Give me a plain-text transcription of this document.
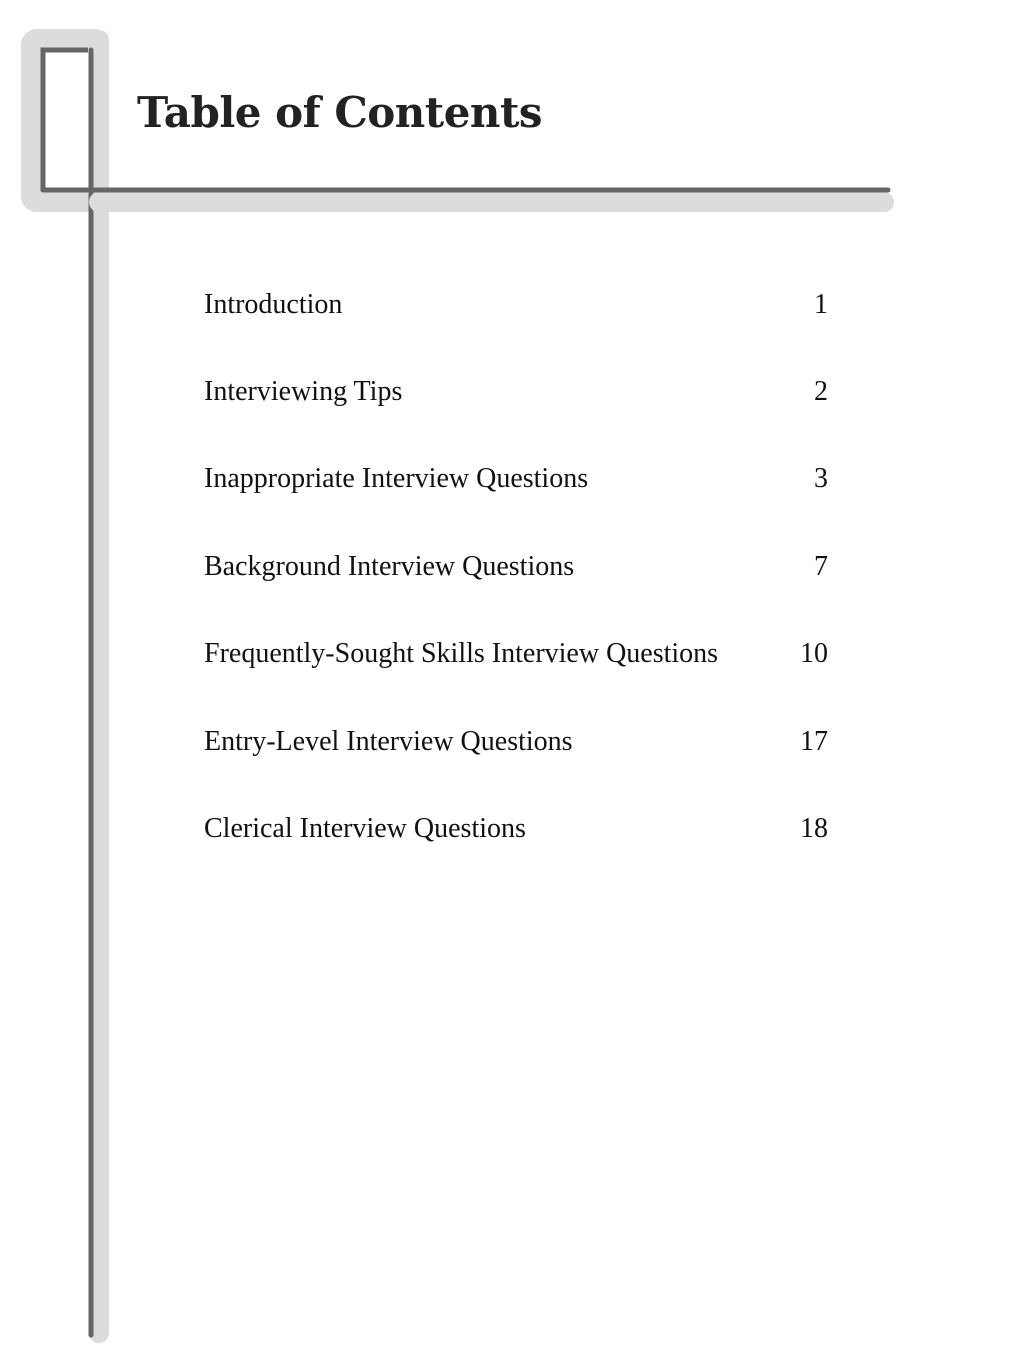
Table of Contents
Introduction	1
Interviewing Tips	2
Inappropriate Interview Questions	3
Background Interview Questions	7
Frequently-Sought Skills Interview Questions	10
Entry-Level Interview Questions	17
Clerical Interview Questions	18
